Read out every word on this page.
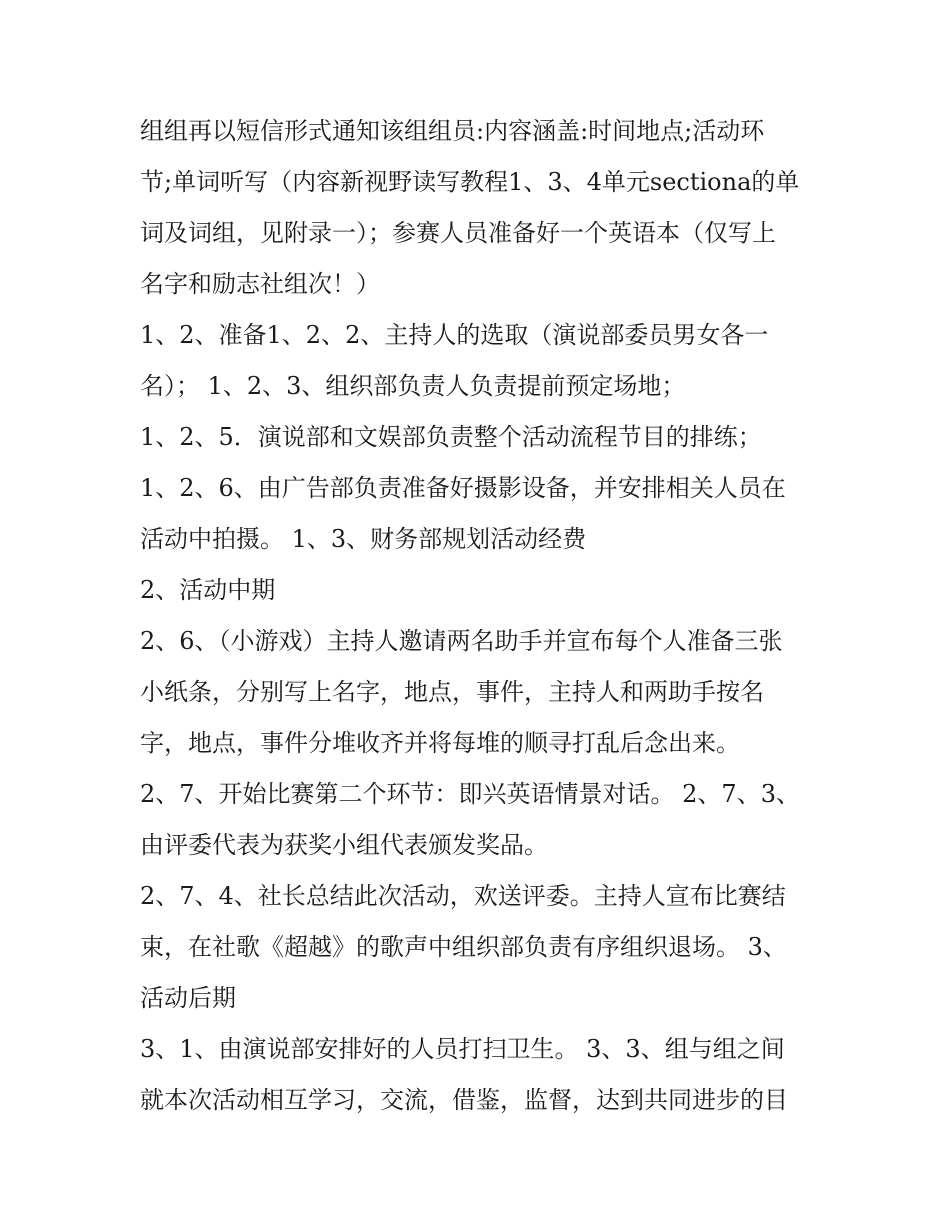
组组再以短信形式通知该组组员:内容涵盖:时间地点;活动环
节;单词听写（内容新视野读写教程1、3、4单元sectiona的单
词及词组，见附录一）；参赛人员准备好一个英语本（仅写上
名字和励志社组次！）
1、2、准备1、2、2、主持人的选取（演说部委员男女各一
名）； 1、2、3、组织部负责人负责提前预定场地；
1、2、5．演说部和文娱部负责整个活动流程节目的排练；
1、2、6、由广告部负责准备好摄影设备，并安排相关人员在
活动中拍摄。 1、3、财务部规划活动经费
2、活动中期
2、6、（小游戏）主持人邀请两名助手并宣布每个人准备三张
小纸条，分别写上名字，地点，事件，主持人和两助手按名
字，地点，事件分堆收齐并将每堆的顺寻打乱后念出来。
2、7、开始比赛第二个环节：即兴英语情景对话。 2、7、3、
由评委代表为获奖小组代表颁发奖品。
2、7、4、社长总结此次活动，欢送评委。主持人宣布比赛结
束，在社歌《超越》的歌声中组织部负责有序组织退场。 3、
活动后期
3、1、由演说部安排好的人员打扫卫生。 3、3、组与组之间
就本次活动相互学习，交流，借鉴，监督，达到共同进步的目
